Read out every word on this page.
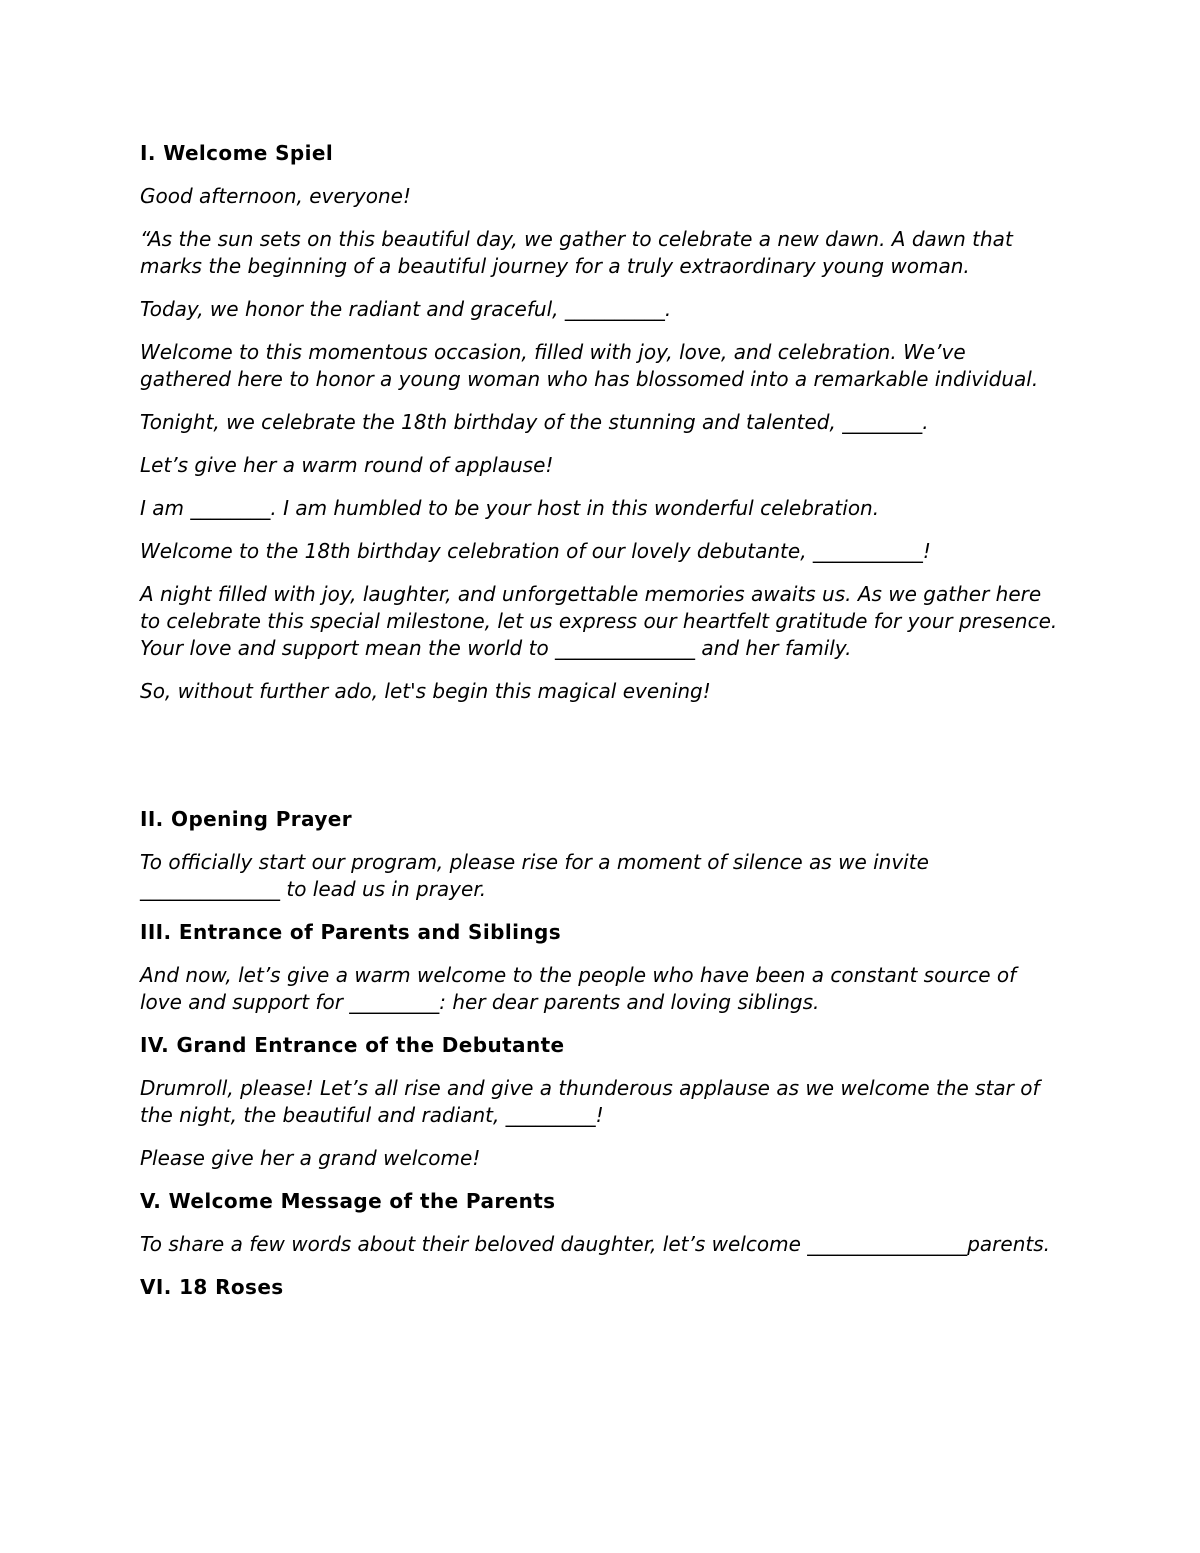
I. Welcome Spiel

Good afternoon, everyone!

“As the sun sets on this beautiful day, we gather to celebrate a new dawn. A dawn that marks the beginning of a beautiful journey for a truly extraordinary young woman.

Today, we honor the radiant and graceful, __________.

Welcome to this momentous occasion, filled with joy, love, and celebration. We’ve gathered here to honor a young woman who has blossomed into a remarkable individual.

Tonight, we celebrate the 18th birthday of the stunning and talented, ________.

Let’s give her a warm round of applause!

I am ________. I am humbled to be your host in this wonderful celebration.

Welcome to the 18th birthday celebration of our lovely debutante, ___________!

A night filled with joy, laughter, and unforgettable memories awaits us. As we gather here to celebrate this special milestone, let us express our heartfelt gratitude for your presence. Your love and support mean the world to ______________ and her family.

So, without further ado, let's begin this magical evening!

II. Opening Prayer

To officially start our program, please rise for a moment of silence as we invite ______________ to lead us in prayer.

III. Entrance of Parents and Siblings

And now, let’s give a warm welcome to the people who have been a constant source of love and support for _________: her dear parents and loving siblings.

IV. Grand Entrance of the Debutante

Drumroll, please! Let’s all rise and give a thunderous applause as we welcome the star of the night, the beautiful and radiant, _________!

Please give her a grand welcome!

V. Welcome Message of the Parents

To share a few words about their beloved daughter, let’s welcome ________________parents.

VI. 18 Roses
